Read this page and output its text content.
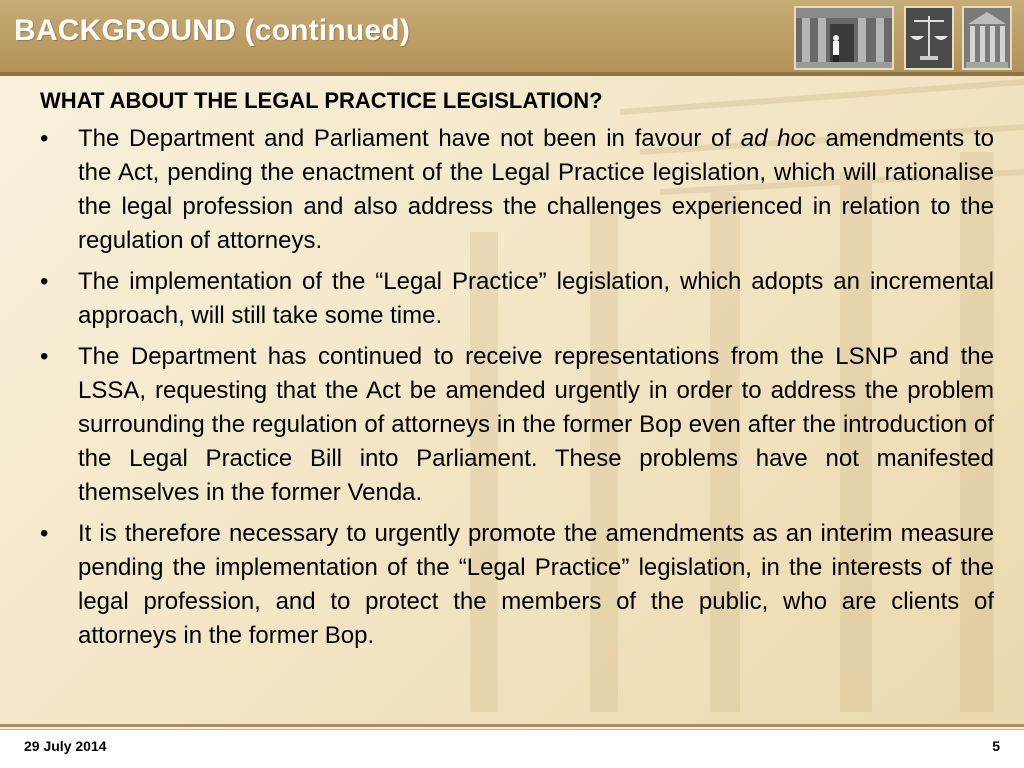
BACKGROUND (continued)

WHAT ABOUT THE LEGAL PRACTICE LEGISLATION?

• The Department and Parliament have not been in favour of ad hoc amendments to the Act, pending the enactment of the Legal Practice legislation, which will rationalise the legal profession and also address the challenges experienced in relation to the regulation of attorneys.
• The implementation of the “Legal Practice” legislation, which adopts an incremental approach, will still take some time.
• The Department has continued to receive representations from the LSNP and the LSSA, requesting that the Act be amended urgently in order to address the problem surrounding the regulation of attorneys in the former Bop even after the introduction of the Legal Practice Bill into Parliament. These problems have not manifested themselves in the former Venda.
• It is therefore necessary to urgently promote the amendments as an interim measure pending the implementation of the “Legal Practice” legislation, in the interests of the legal profession, and to protect the members of the public, who are clients of attorneys in the former Bop.
29 July 2014	5
